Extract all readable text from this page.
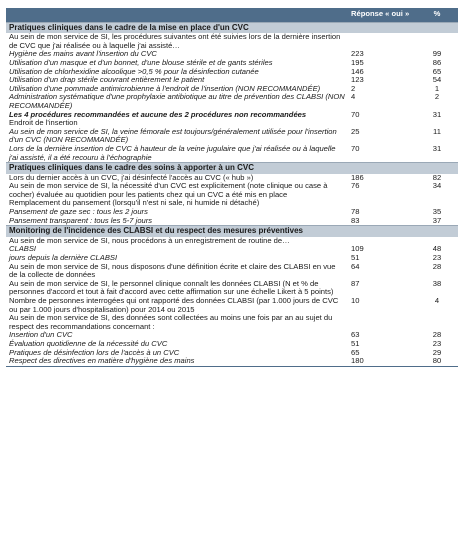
	Réponse « oui »	%
Pratiques cliniques dans le cadre de la mise en place d'un CVC		
Au sein de mon service de SI, les procédures suivantes ont été suivies lors de la dernière insertion de CVC que j'ai réalisée ou à laquelle j'ai assisté…		
Hygiène des mains avant l'insertion du CVC	223	99
Utilisation d'un masque et d'un bonnet, d'une blouse stérile et de gants stériles	195	86
Utilisation de chlorhexidine alcoolique >0,5 % pour la désinfection cutanée	146	65
Utilisation d'un drap stérile couvrant entièrement le patient	123	54
Utilisation d'une pommade antimicrobienne à l'endroit de l'insertion (NON RECOMMANDÉE)	2	1
Administration systématique d'une prophylaxie antibiotique au titre de prévention des CLABSI (NON RECOMMANDÉE)	4	2
Les 4 procédures recommandées et aucune des 2 procédures non recommandées	70	31
Endroit de l'insertion		
Au sein de mon service de SI, la veine fémorale est toujours/généralement utilisée pour l'insertion d'un CVC (NON RECOMMANDÉE)	25	11
Lors de la dernière insertion de CVC à hauteur de la veine jugulaire que j'ai réalisée ou à laquelle j'ai assisté, il a été recouru à l'échographie	70	31
Pratiques cliniques dans le cadre des soins à apporter à un CVC		
Lors du dernier accès à un CVC, j'ai désinfecté l'accès au CVC (« hub »)	186	82
Au sein de mon service de SI, la nécessité d'un CVC est explicitement (note clinique ou case à cocher) évaluée au quotidien pour les patients chez qui un CVC a été mis en place	76	34
Remplacement du pansement (lorsqu'il n'est ni sale, ni humide ni détaché)		
Pansement de gaze sec : tous les 2 jours	78	35
Pansement transparent : tous les 5-7 jours	83	37
Monitoring de l'incidence des CLABSI et du respect des mesures préventives		
Au sein de mon service de SI, nous procédons à un enregistrement de routine de…		
CLABSI	109	48
jours depuis la dernière CLABSI	51	23
Au sein de mon service de SI, nous disposons d'une définition écrite et claire des CLABSI en vue de la collecte de données	64	28
Au sein de mon service de SI, le personnel clinique connaît les données CLABSI (N et % de personnes d'accord et tout à fait d'accord avec cette affirmation sur une échelle Likert à 5 points)	87	38
Nombre de personnes interrogées qui ont rapporté des données CLABSI (par 1.000 jours de CVC ou par 1.000 jours d'hospitalisation) pour 2014 ou 2015	10	4
Au sein de mon service de SI, des données sont collectées au moins une fois par an au sujet du respect des recommandations concernant :		
Insertion d'un CVC	63	28
Évaluation quotidienne de la nécessité du CVC	51	23
Pratiques de désinfection lors de l'accès à un CVC	65	29
Respect des directives en matière d'hygiène des mains	180	80
